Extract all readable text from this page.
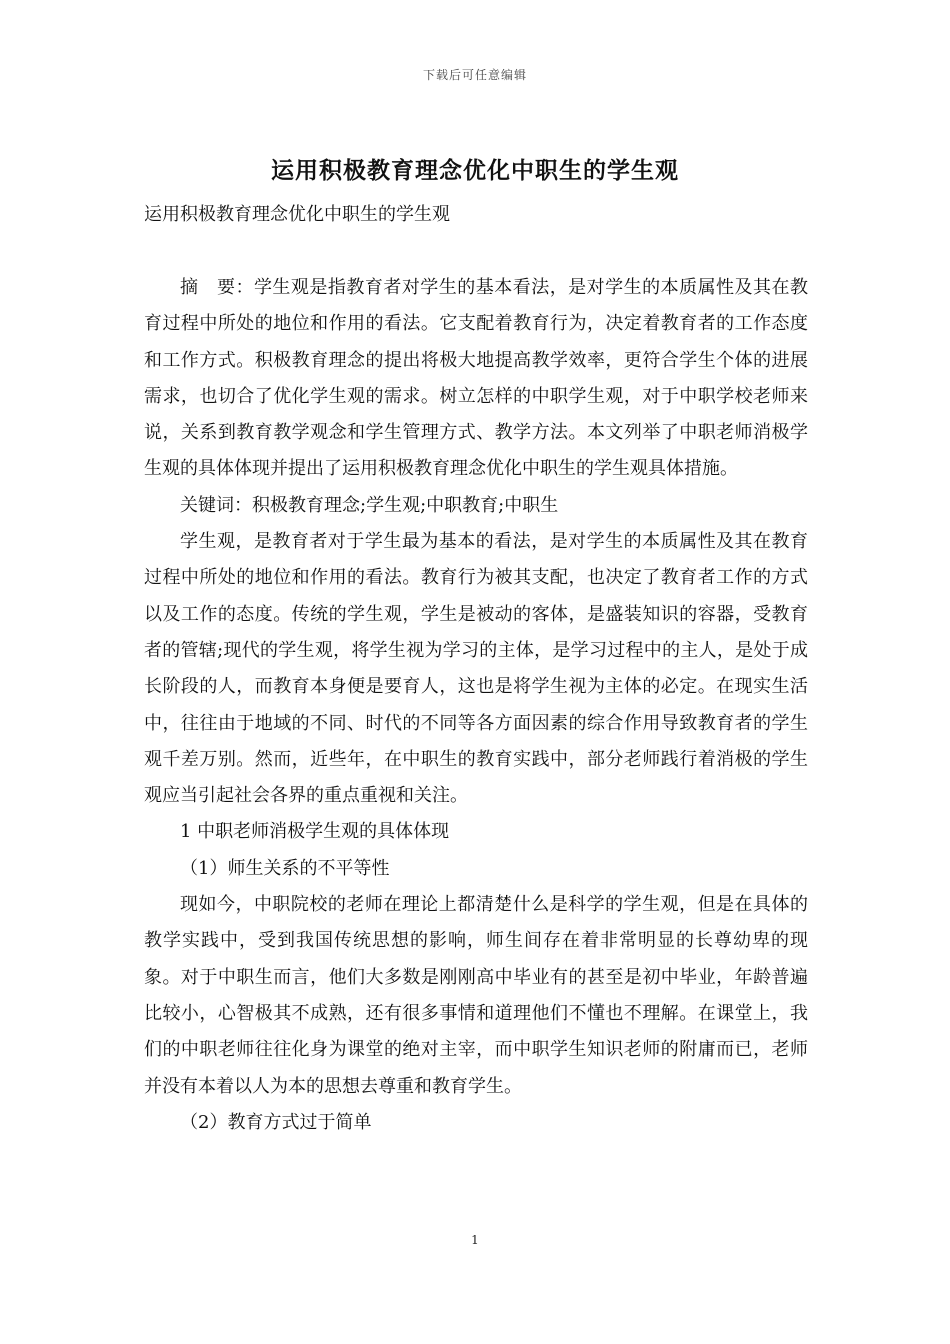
下载后可任意编辑
运用积极教育理念优化中职生的学生观
运用积极教育理念优化中职生的学生观

摘　要：学生观是指教育者对学生的基本看法，是对学生的本质属性及其在教育过程中所处的地位和作用的看法。它支配着教育行为，决定着教育者的工作态度和工作方式。积极教育理念的提出将极大地提高教学效率，更符合学生个体的进展需求，也切合了优化学生观的需求。树立怎样的中职学生观，对于中职学校老师来说，关系到教育教学观念和学生管理方式、教学方法。本文列举了中职老师消极学生观的具体体现并提出了运用积极教育理念优化中职生的学生观具体措施。

关键词：积极教育理念;学生观;中职教育;中职生

学生观，是教育者对于学生最为基本的看法，是对学生的本质属性及其在教育过程中所处的地位和作用的看法。教育行为被其支配，也决定了教育者工作的方式以及工作的态度。传统的学生观，学生是被动的客体，是盛装知识的容器，受教育者的管辖;现代的学生观，将学生视为学习的主体，是学习过程中的主人，是处于成长阶段的人，而教育本身便是要育人，这也是将学生视为主体的必定。在现实生活中，往往由于地域的不同、时代的不同等各方面因素的综合作用导致教育者的学生观千差万别。然而，近些年，在中职生的教育实践中，部分老师践行着消极的学生观应当引起社会各界的重点重视和关注。

1 中职老师消极学生观的具体体现

（1）师生关系的不平等性

现如今，中职院校的老师在理论上都清楚什么是科学的学生观，但是在具体的教学实践中，受到我国传统思想的影响，师生间存在着非常明显的长尊幼卑的现象。对于中职生而言，他们大多数是刚刚高中毕业有的甚至是初中毕业，年龄普遍比较小，心智极其不成熟，还有很多事情和道理他们不懂也不理解。在课堂上，我们的中职老师往往化身为课堂的绝对主宰，而中职学生知识老师的附庸而已，老师并没有本着以人为本的思想去尊重和教育学生。

（2）教育方式过于简单

1
